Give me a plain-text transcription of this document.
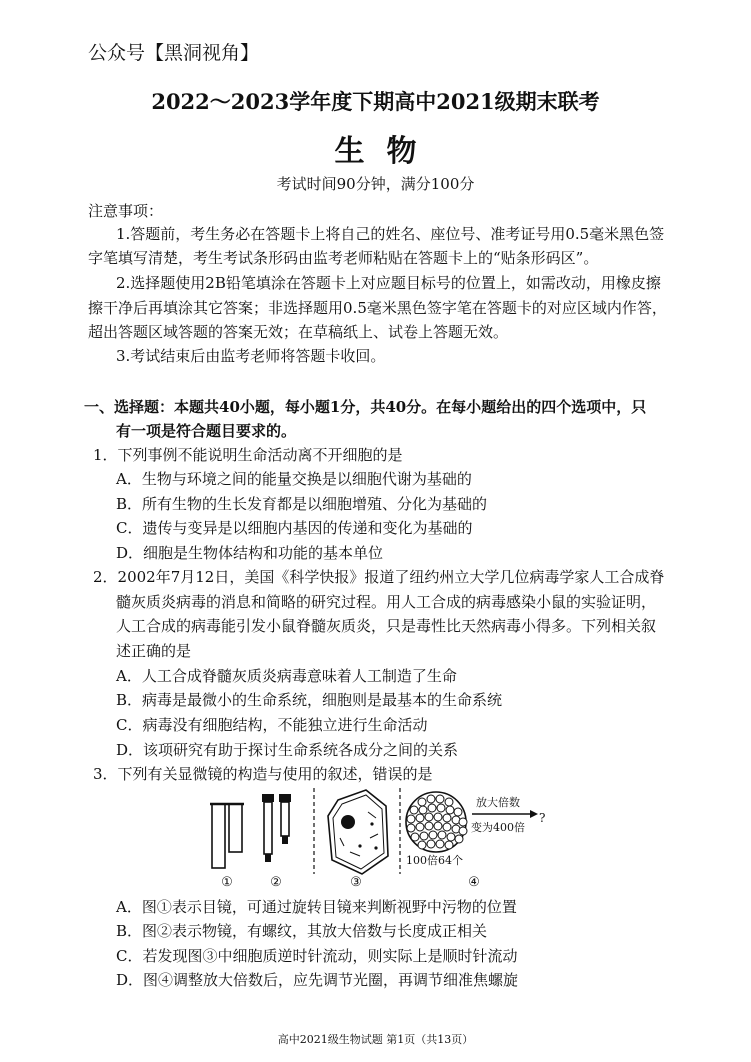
公众号【黑洞视角】
2022～2023学年度下期高中2021级期末联考
生物
考试时间90分钟，满分100分
注意事项：
1.答题前，考生务必在答题卡上将自己的姓名、座位号、准考证号用0.5毫米黑色签
字笔填写清楚，考生考试条形码由监考老师粘贴在答题卡上的“贴条形码区”。
2.选择题使用2B铅笔填涂在答题卡上对应题目标号的位置上，如需改动，用橡皮擦
擦干净后再填涂其它答案；非选择题用0.5毫米黑色签字笔在答题卡的对应区域内作答，
超出答题区域答题的答案无效；在草稿纸上、试卷上答题无效。
3.考试结束后由监考老师将答题卡收回。
一、选择题：本题共40小题，每小题1分，共40分。在每小题给出的四个选项中，只
有一项是符合题目要求的。
1．下列事例不能说明生命活动离不开细胞的是
A．生物与环境之间的能量交换是以细胞代谢为基础的
B．所有生物的生长发育都是以细胞增殖、分化为基础的
C．遗传与变异是以细胞内基因的传递和变化为基础的
D．细胞是生物体结构和功能的基本单位
2．2002年7月12日，美国《科学快报》报道了纽约州立大学几位病毒学家人工合成脊
髓灰质炎病毒的消息和简略的研究过程。用人工合成的病毒感染小鼠的实验证明，
人工合成的病毒能引发小鼠脊髓灰质炎，只是毒性比天然病毒小得多。下列相关叙
述正确的是
A．人工合成脊髓灰质炎病毒意味着人工制造了生命
B．病毒是最微小的生命系统，细胞则是最基本的生命系统
C．病毒没有细胞结构，不能独立进行生命活动
D．该项研究有助于探讨生命系统各成分之间的关系
3．下列有关显微镜的构造与使用的叙述，错误的是
放大倍数
变为400倍
?
100倍64个
①	②	③	④
A．图①表示目镜，可通过旋转目镜来判断视野中污物的位置
B．图②表示物镜，有螺纹，其放大倍数与长度成正相关
C．若发现图③中细胞质逆时针流动，则实际上是顺时针流动
D．图④调整放大倍数后，应先调节光圈，再调节细准焦螺旋
高中2021级生物试题 第1页（共13页）
